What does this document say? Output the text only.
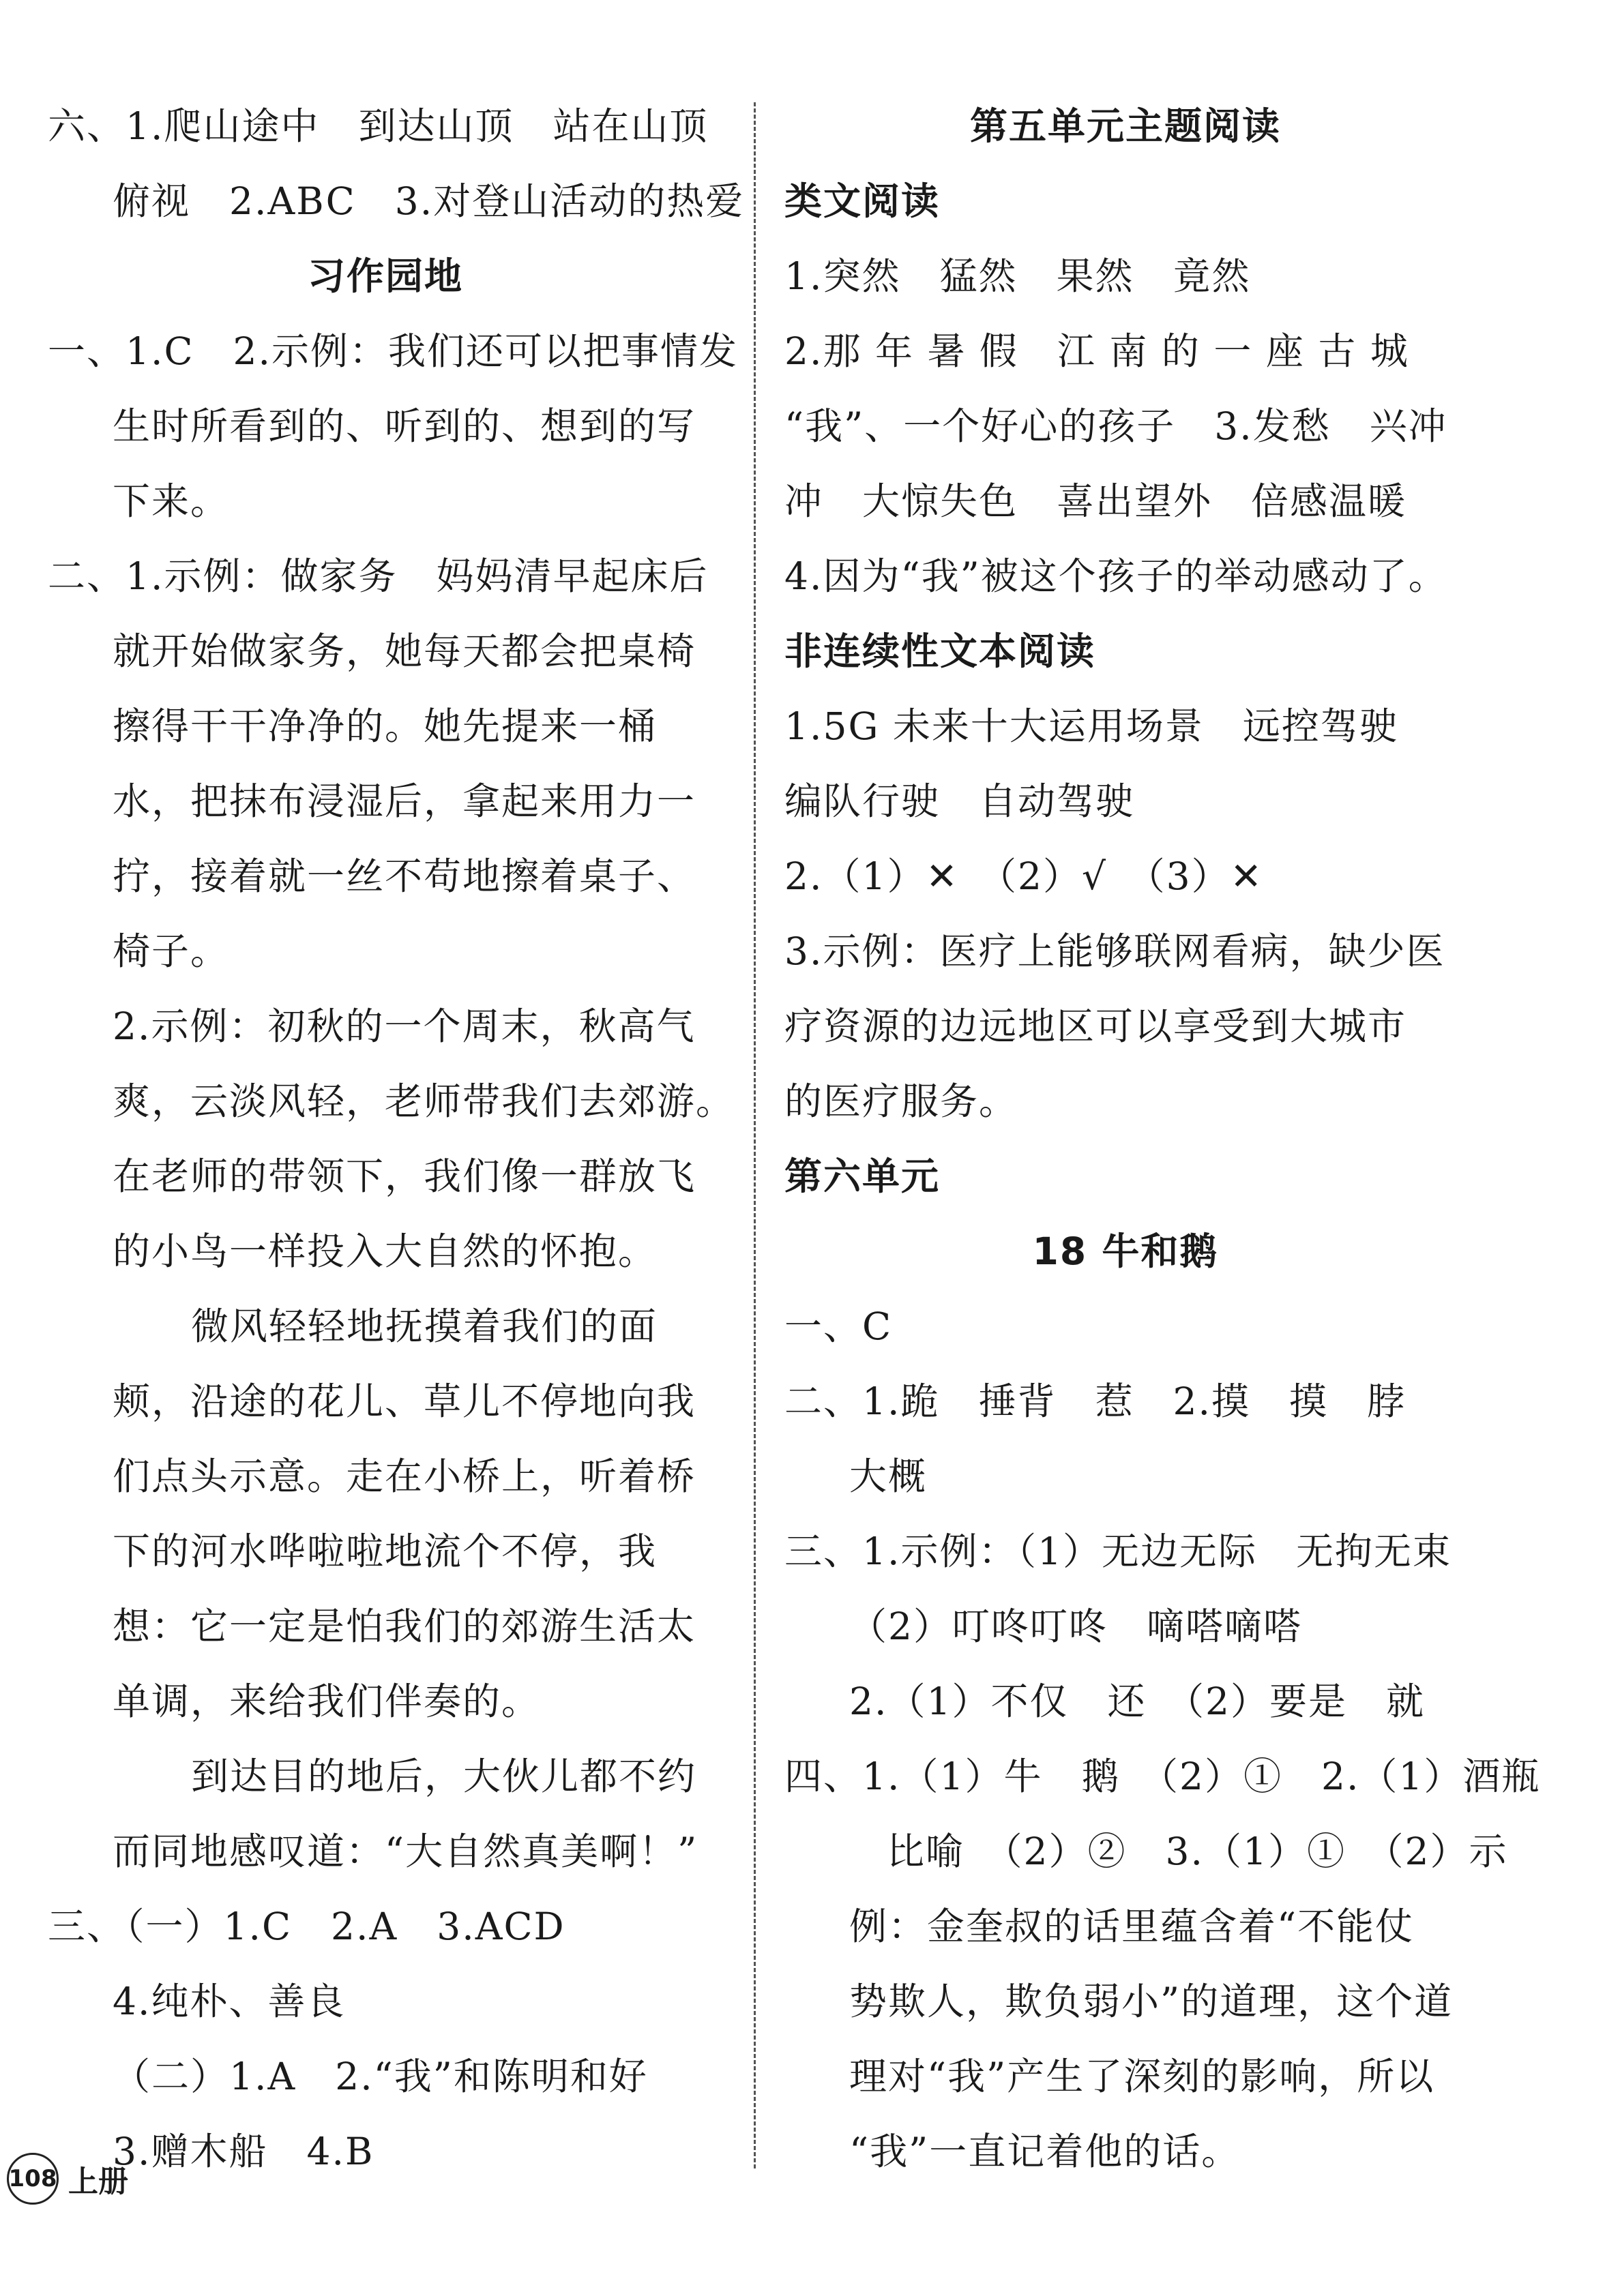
六、1.爬山途中　到达山顶　站在山顶
俯视　2.ABC　3.对登山活动的热爱
习作园地
一、1.C　2.示例：我们还可以把事情发
生时所看到的、听到的、想到的写
下来。
二、1.示例：做家务　妈妈清早起床后
就开始做家务，她每天都会把桌椅
擦得干干净净的。她先提来一桶
水，把抹布浸湿后，拿起来用力一
拧，接着就一丝不苟地擦着桌子、
椅子。
2.示例：初秋的一个周末，秋高气
爽，云淡风轻，老师带我们去郊游。
在老师的带领下，我们像一群放飞
的小鸟一样投入大自然的怀抱。
微风轻轻地抚摸着我们的面
颊，沿途的花儿、草儿不停地向我
们点头示意。走在小桥上，听着桥
下的河水哗啦啦地流个不停，我
想：它一定是怕我们的郊游生活太
单调，来给我们伴奏的。
到达目的地后，大伙儿都不约
而同地感叹道：“大自然真美啊！”
三、（一）1.C　2.A　3.ACD
4.纯朴、善良
（二）1.A　2.“我”和陈明和好
3.赠木船　4.B
第五单元主题阅读
类文阅读
1.突然　猛然　果然　竟然
2.那 年 暑 假　江 南 的 一 座 古 城
“我”、一个好心的孩子　3.发愁　兴冲
冲　大惊失色　喜出望外　倍感温暖
4.因为“我”被这个孩子的举动感动了。
非连续性文本阅读
1.5G 未来十大运用场景　远控驾驶
编队行驶　自动驾驶
2.（1）✕　（2）√　（3）✕
3.示例：医疗上能够联网看病，缺少医
疗资源的边远地区可以享受到大城市
的医疗服务。
第六单元
18 牛和鹅
一、C
二、1.跪　捶背　惹　2.摸　摸　脖
大概
三、1.示例：（1）无边无际　无拘无束
（2）叮咚叮咚　嘀嗒嘀嗒
2.（1）不仅　还　（2）要是　就
四、1.（1）牛　鹅　（2）①　2.（1）酒瓶
比喻　（2）②　3.（1）①　（2）示
例：金奎叔的话里蕴含着“不能仗
势欺人，欺负弱小”的道理，这个道
理对“我”产生了深刻的影响，所以
“我”一直记着他的话。
108 上册
